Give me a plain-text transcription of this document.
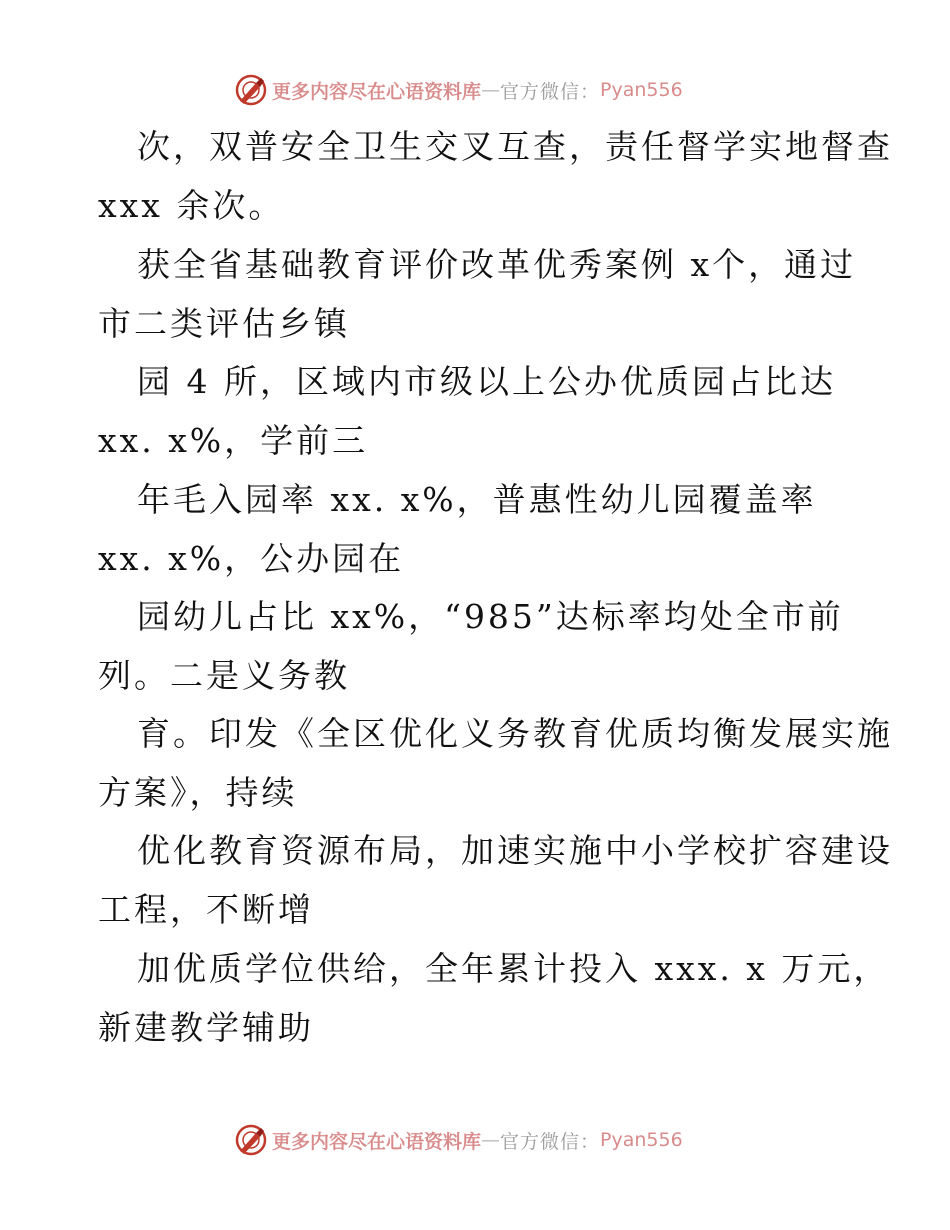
更多内容尽在心语资料库 — 官方微信： Pyan556
次，双普安全卫生交叉互查，责任督学实地督查
xxx 余次。
获全省基础教育评价改革优秀案例 x个，通过
市二类评估乡镇
园 4 所，区域内市级以上公办优质园占比达
xx. x%，学前三
年毛入园率 xx. x%，普惠性幼儿园覆盖率
xx. x%，公办园在
园幼儿占比 xx%，“985”达标率均处全市前
列。二是义务教
育。印发《全区优化义务教育优质均衡发展实施
方案》，持续
优化教育资源布局，加速实施中小学校扩容建设
工程，不断增
加优质学位供给，全年累计投入 xxx. x 万元，
新建教学辅助
更多内容尽在心语资料库 — 官方微信： Pyan556
